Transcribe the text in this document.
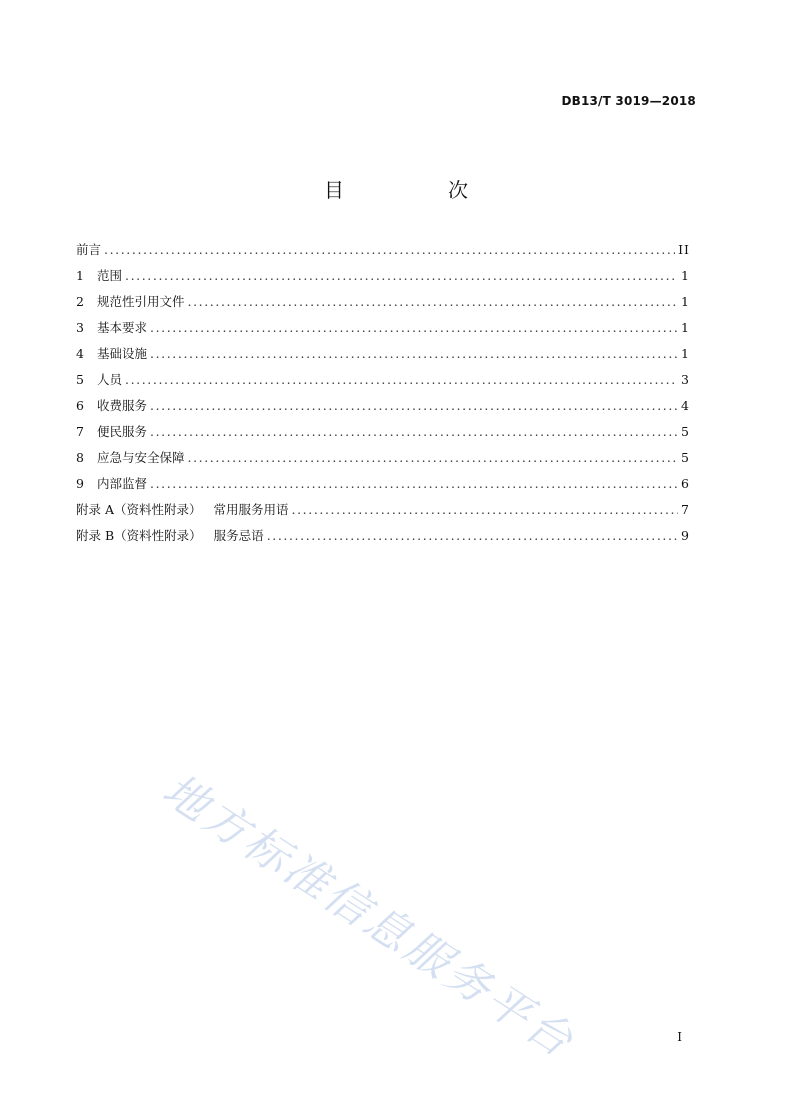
DB13/T 3019—2018
目　次
前言 .....	II
1	范围 .....	1
2	规范性引用文件 .....	1
3	基本要求 .....	1
4	基础设施 .....	1
5	人员 .....	3
6	收费服务 .....	4
7	便民服务 .....	5
8	应急与安全保障 .....	5
9	内部监督 .....	6
附录 A（资料性附录） 常用服务用语 .....	7
附录 B（资料性附录） 服务忌语 .....	9
地方标准信息服务平台	I
